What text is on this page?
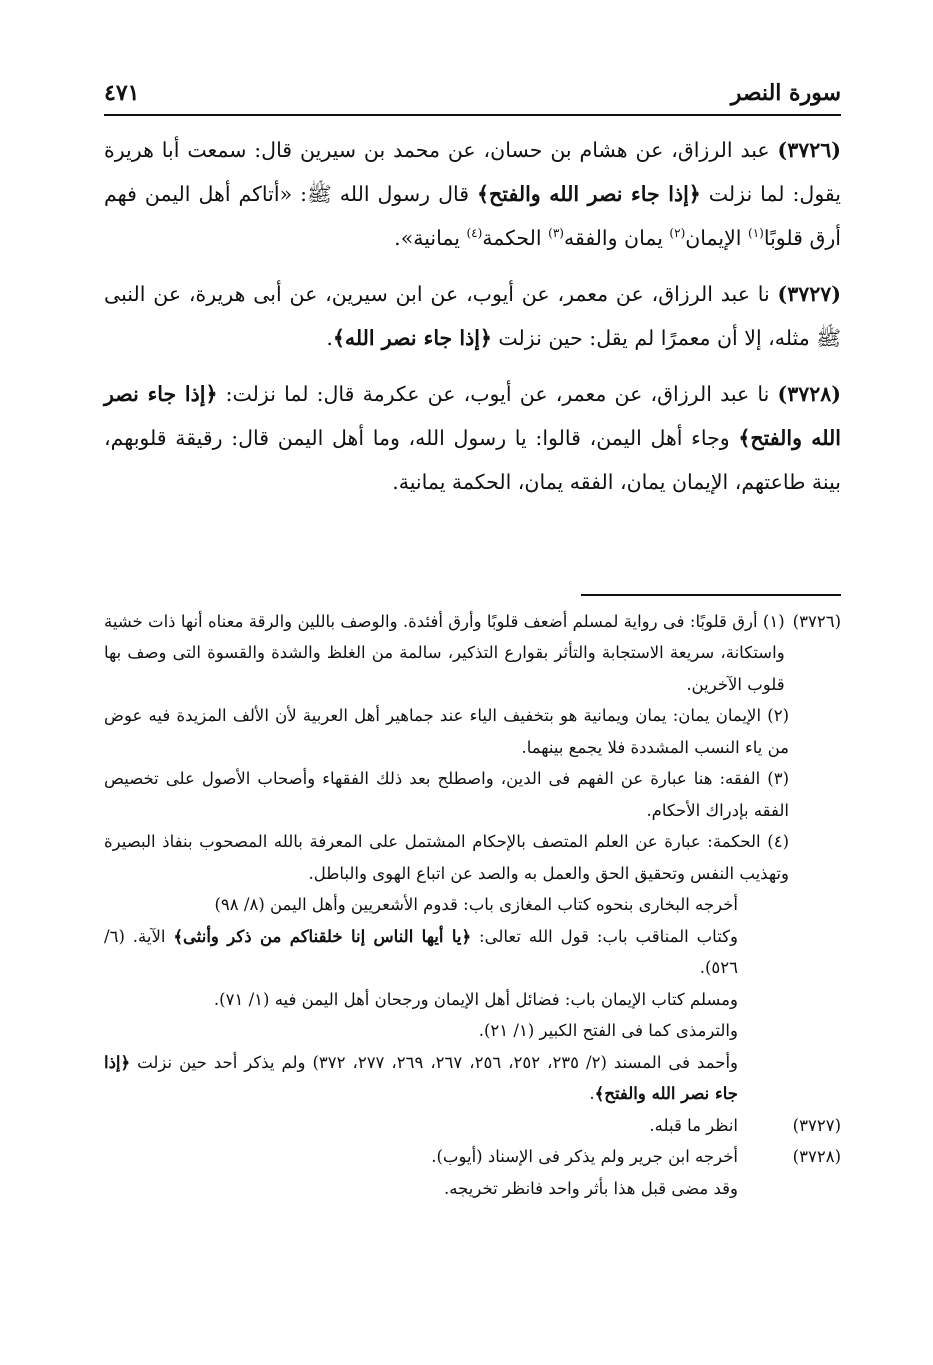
سورة النصر
٤٧١

(٣٧٢٦) عبد الرزاق، عن هشام بن حسان، عن محمد بن سيرين قال: سمعت أبا هريرة يقول: لما نزلت ﴿إذا جاء نصر الله والفتح﴾ قال رسول الله ﷺ: «أتاكم أهل اليمن فهم أرق قلوبًا$^{(١)}$ الإيمان$^{(٢)}$ يمان والفقه$^{(٣)}$ الحكمة$^{(٤)}$ يمانية».

(٣٧٢٧) نا عبد الرزاق، عن معمر، عن أيوب، عن ابن سيرين، عن أبى هريرة، عن النبى ﷺ مثله، إلا أن معمرًا لم يقل: حين نزلت ﴿إذا جاء نصر الله﴾.

(٣٧٢٨) نا عبد الرزاق، عن معمر، عن أيوب، عن عكرمة قال: لما نزلت: ﴿إذا جاء نصر الله والفتح﴾ وجاء أهل اليمن، قالوا: يا رسول الله، وما أهل اليمن قال: رقيقة قلوبهم، بينة طاعتهم، الإيمان يمان، الفقه يمان، الحكمة يمانية.

(٣٧٢٦)
(١) أرق قلوبًا: فى رواية لمسلم أضعف قلوبًا وأرق أفئدة. والوصف باللين والرقة معناه أنها ذات خشية واستكانة، سريعة الاستجابة والتأثر بقوارع التذكير، سالمة من الغلظ والشدة والقسوة التى وصف بها قلوب الآخرين.
(٢) الإيمان يمان: يمان ويمانية هو بتخفيف الياء عند جماهير أهل العربية لأن الألف المزيدة فيه عوض من ياء النسب المشددة فلا يجمع بينهما.
(٣) الفقه: هنا عبارة عن الفهم فى الدين، واصطلح بعد ذلك الفقهاء وأصحاب الأصول على تخصيص الفقه بإدراك الأحكام.
(٤) الحكمة: عبارة عن العلم المتصف بالإحكام المشتمل على المعرفة بالله المصحوب بنفاذ البصيرة وتهذيب النفس وتحقيق الحق والعمل به والصد عن اتباع الهوى والباطل.
أخرجه البخارى بنحوه كتاب المغازى باب: قدوم الأشعريين وأهل اليمن (٨/ ٩٨)
وكتاب المناقب باب: قول الله تعالى: ﴿يا أيها الناس إنا خلقناكم من ذكر وأنثى﴾ الآية. (٦/ ٥٢٦).
ومسلم كتاب الإيمان باب: فضائل أهل الإيمان ورجحان أهل اليمن فيه (١/ ٧١).
والترمذى كما فى الفتح الكبير (١/ ٢١).
وأحمد فى المسند (٢/ ٢٣٥، ٢٥٢، ٢٥٦، ٢٦٧، ٢٦٩، ٢٧٧، ٣٧٢) ولم يذكر أحد حين نزلت ﴿إذا جاء نصر الله والفتح﴾.
(٣٧٢٧)
انظر ما قبله.
(٣٧٢٨)
أخرجه ابن جرير ولم يذكر فى الإسناد (أيوب).
وقد مضى قبل هذا بأثر واحد فانظر تخريجه.
